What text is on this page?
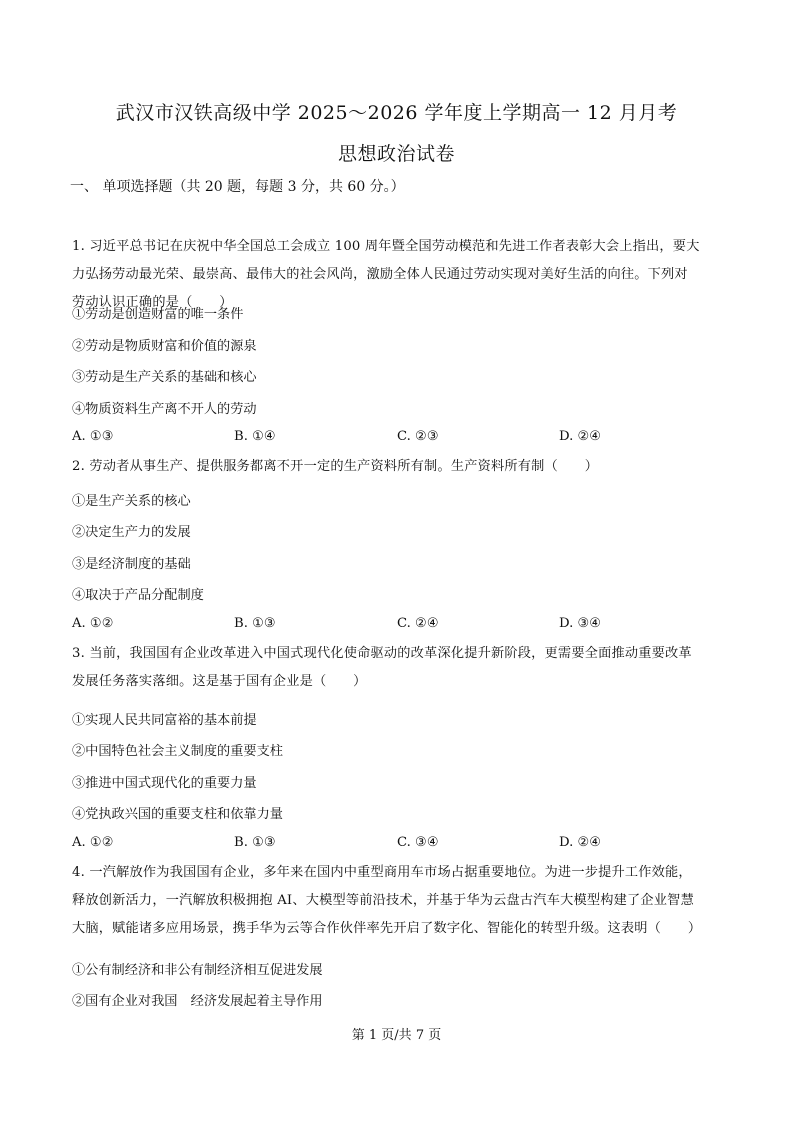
武汉市汉铁高级中学 2025～2026 学年度上学期高一 12 月月考
思想政治试卷
一、 单项选择题（共 20 题，每题 3 分，共 60 分。）
1. 习近平总书记在庆祝中华全国总工会成立 100 周年暨全国劳动模范和先进工作者表彰大会上指出，要大
力弘扬劳动最光荣、最崇高、最伟大的社会风尚，激励全体人民通过劳动实现对美好生活的向往。下列对
劳动认识正确的是（　　）
①劳动是创造财富的唯一条件
②劳动是物质财富和价值的源泉
③劳动是生产关系的基础和核心
④物质资料生产离不开人的劳动
A. ①③	B. ①④	C. ②③	D. ②④
2. 劳动者从事生产、提供服务都离不开一定的生产资料所有制。生产资料所有制（　　）
①是生产关系的核心
②决定生产力的发展
③是经济制度的基础
④取决于产品分配制度
A. ①②	B. ①③	C. ②④	D. ③④
3. 当前，我国国有企业改革进入中国式现代化使命驱动的改革深化提升新阶段，更需要全面推动重要改革
发展任务落实落细。这是基于国有企业是（　　）
①实现人民共同富裕的基本前提
②中国特色社会主义制度的重要支柱
③推进中国式现代化的重要力量
④党执政兴国的重要支柱和依靠力量
A. ①②	B. ①③	C. ③④	D. ②④
4. 一汽解放作为我国国有企业，多年来在国内中重型商用车市场占据重要地位。为进一步提升工作效能，
释放创新活力，一汽解放积极拥抱 AI、大模型等前沿技术，并基于华为云盘古汽车大模型构建了企业智慧
大脑，赋能诸多应用场景，携手华为云等合作伙伴率先开启了数字化、智能化的转型升级。这表明（　　）
①公有制经济和非公有制经济相互促进发展
②国有企业对我国　经济发展起着主导作用
第 1 页/共 7 页
